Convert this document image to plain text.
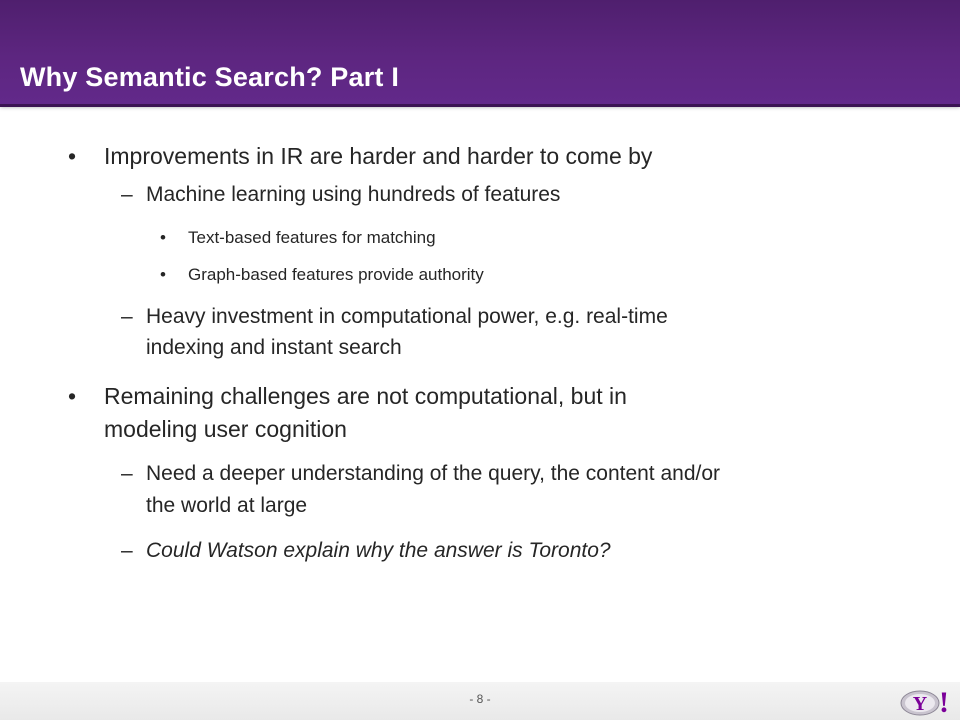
Why Semantic Search? Part I
• Improvements in IR are harder and harder to come by

– Machine learning using hundreds of features

• Text-based features for matching

• Graph-based features provide authority

– Heavy investment in computational power, e.g. real-time

indexing and instant search

• Remaining challenges are not computational, but in

modeling user cognition

– Need a deeper understanding of the query, the content and/or

the world at large

– Could Watson explain why the answer is Toronto?

- 8 -	Y !
